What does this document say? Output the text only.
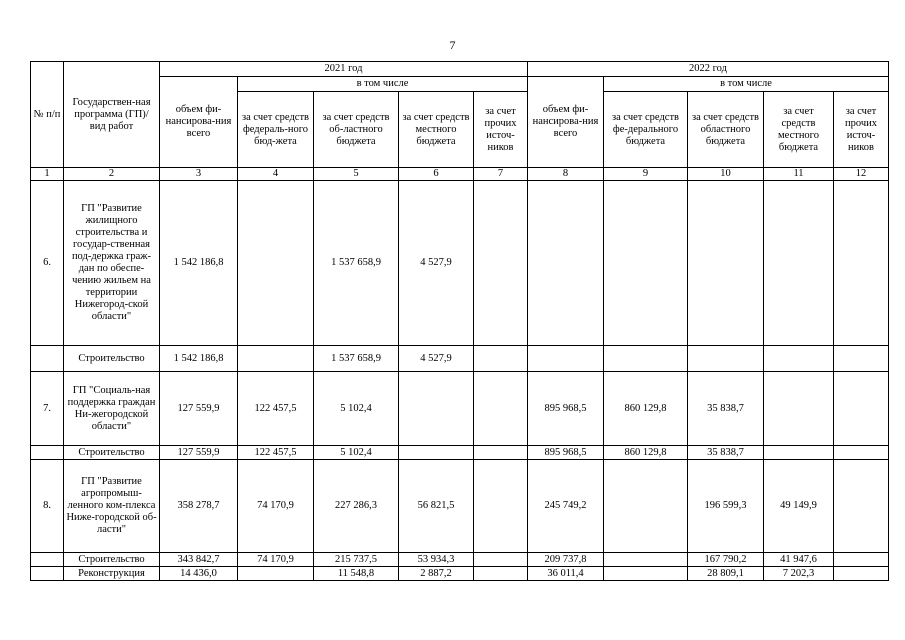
7
№ п/п	Государствен-ная программа (ГП)/ вид работ	2021 год					2022 год				
		объем фи-нансирова-ния всего	в том числе				объем фи-нансирова-ния всего	в том числе			
			за счет средств федераль-ного бюд-жета	за счет средств об-ластного бюджета	за счет средств местного бюджета	за счет прочих источ-ников		за счет средств фе-дерального бюджета	за счет средств областного бюджета	за счет средств местного бюджета	за счет прочих источ-ников
1	2	3	4	5	6	7	8	9	10	11	12
6.	ГП "Развитие жилищного строительства и государ-ственная под-держка граж-дан по обеспе-чению жильем на территории Нижегород-ской области"	1 542 186,8		1 537 658,9	4 527,9						
	Строительство	1 542 186,8		1 537 658,9	4 527,9						
7.	ГП "Социаль-ная поддержка граждан Ни-жегородской области"	127 559,9	122 457,5	5 102,4			895 968,5	860 129,8	35 838,7		
	Строительство	127 559,9	122 457,5	5 102,4			895 968,5	860 129,8	35 838,7		
8.	ГП "Развитие агропромыш-ленного ком-плекса Ниже-городской об-ласти"	358 278,7	74 170,9	227 286,3	56 821,5		245 749,2		196 599,3	49 149,9	
	Строительство	343 842,7	74 170,9	215 737,5	53 934,3		209 737,8		167 790,2	41 947,6	
	Реконструкция	14 436,0		11 548,8	2 887,2		36 011,4		28 809,1	7 202,3	
